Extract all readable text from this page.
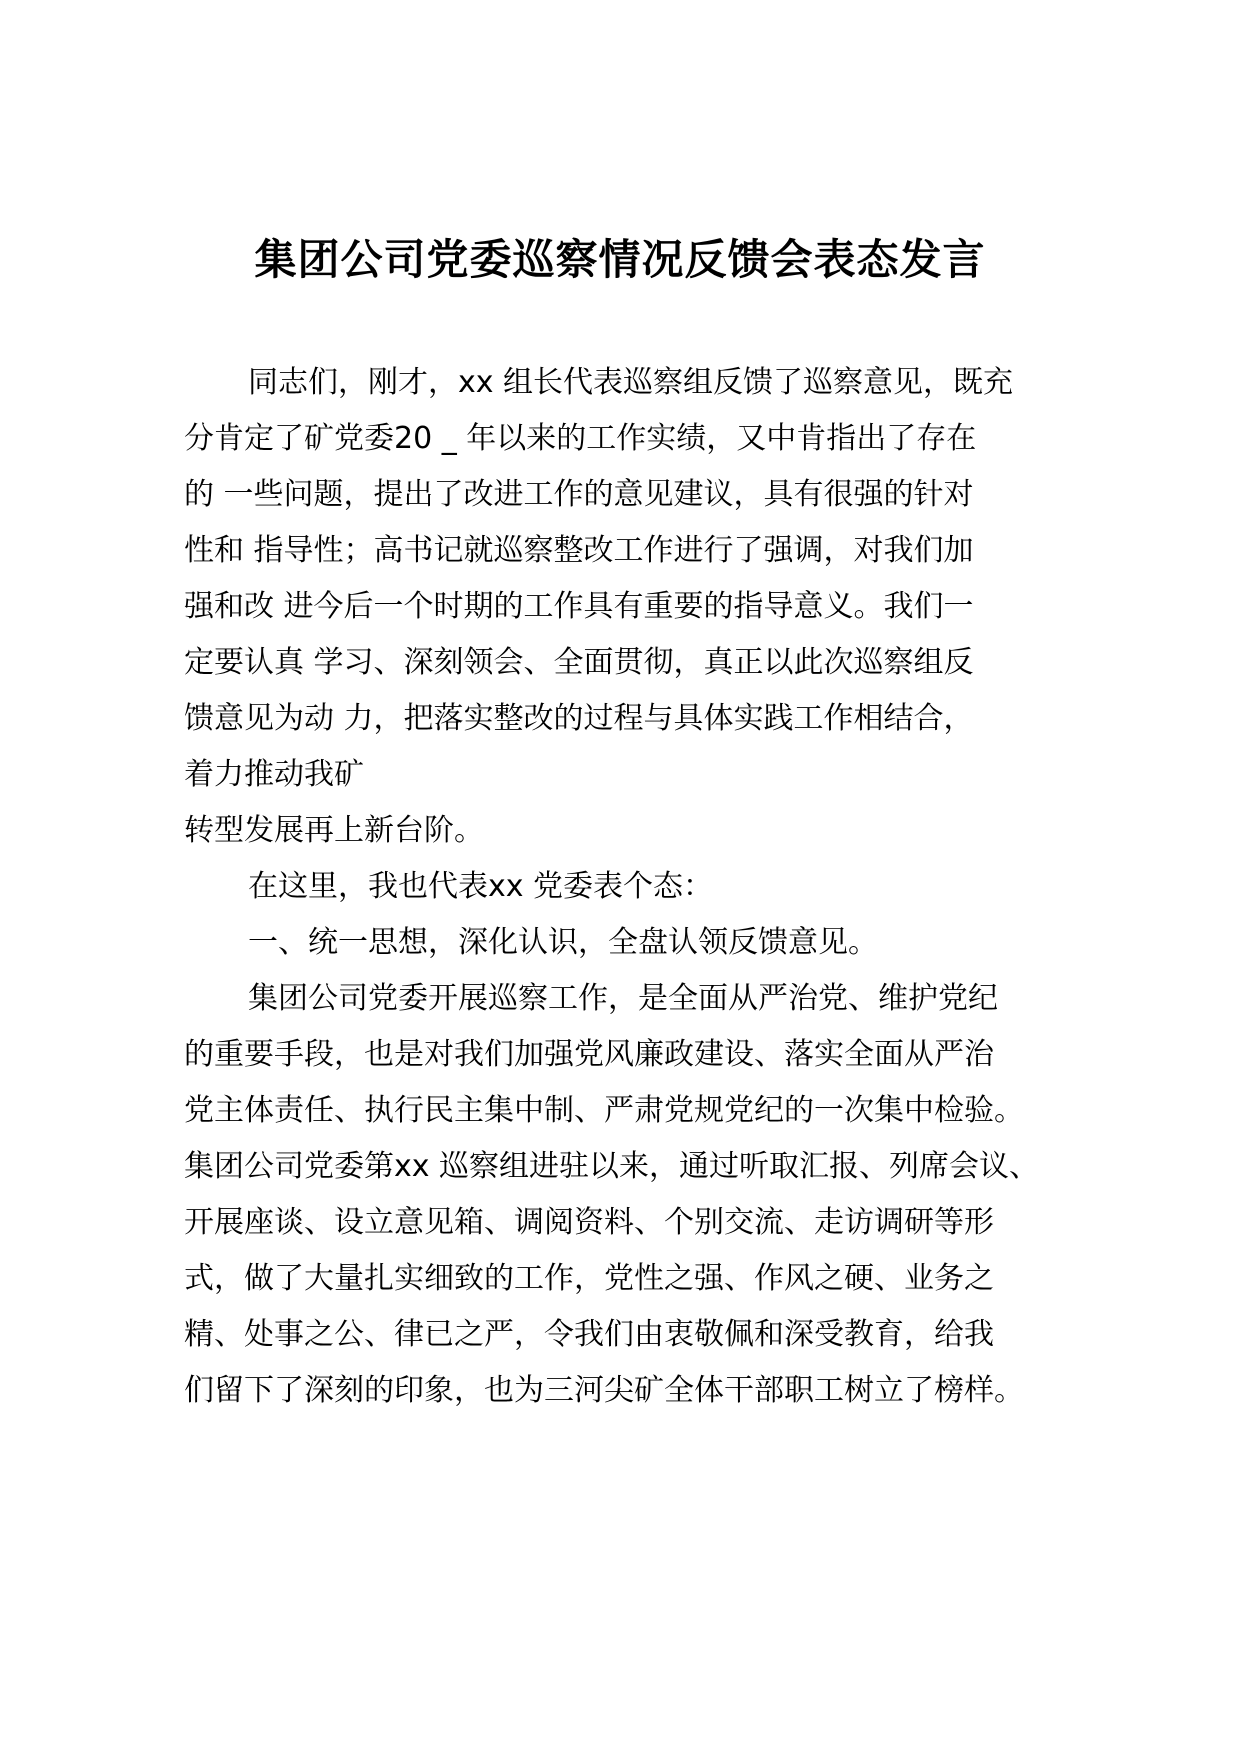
集团公司党委巡察情况反馈会表态发言

同志们，刚才，xx 组长代表巡察组反馈了巡察意见，既充

分肯定了矿党委20 _ 年以来的工作实绩，又中肯指出了存在

的 一些问题，提出了改进工作的意见建议，具有很强的针对

性和 指导性；高书记就巡察整改工作进行了强调，对我们加

强和改 进今后一个时期的工作具有重要的指导意义。我们一

定要认真 学习、深刻领会、全面贯彻，真正以此次巡察组反

馈意见为动 力，把落实整改的过程与具体实践工作相结合，

着力推动我矿

转型发展再上新台阶。

在这里，我也代表xx 党委表个态：

一、统一思想，深化认识，全盘认领反馈意见。

集团公司党委开展巡察工作，是全面从严治党、维护党纪

的重要手段，也是对我们加强党风廉政建设、落实全面从严治

党主体责任、执行民主集中制、严肃党规党纪的一次集中检验。

集团公司党委第xx 巡察组进驻以来，通过听取汇报、列席会议、

开展座谈、设立意见箱、调阅资料、个别交流、走访调研等形

式，做了大量扎实细致的工作，党性之强、作风之硬、业务之

精、处事之公、律已之严，令我们由衷敬佩和深受教育，给我

们留下了深刻的印象，也为三河尖矿全体干部职工树立了榜样。
